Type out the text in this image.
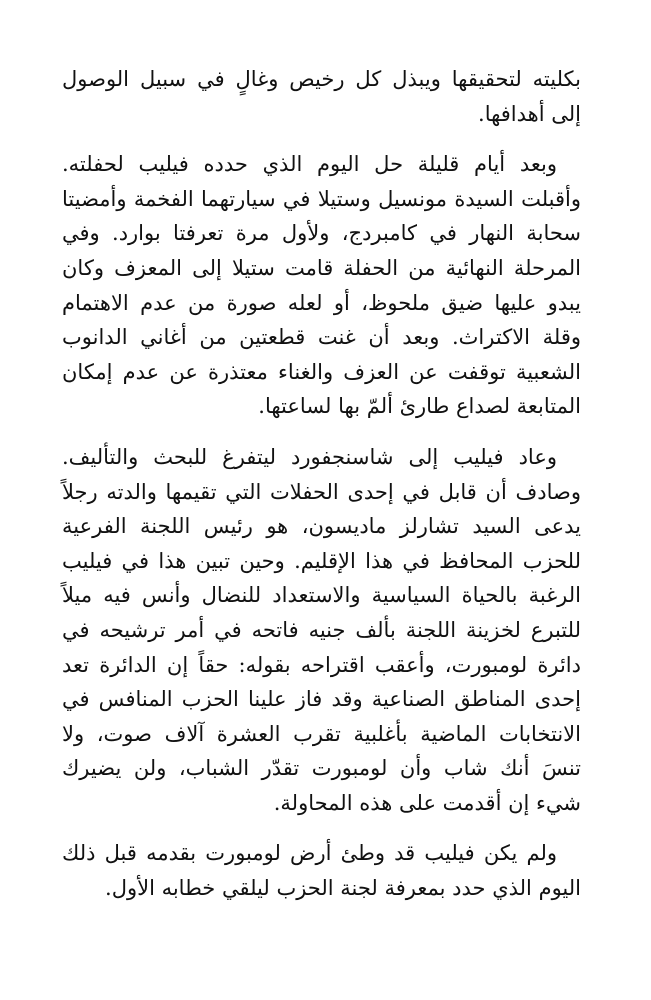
بكليته لتحقيقها ويبذل كل رخيص وغالٍ في سبيل الوصول إلى أهدافها.

وبعد أيام قليلة حل اليوم الذي حدده فيليب لحفلته. وأقبلت السيدة مونسيل وستيلا في سيارتهما الفخمة وأمضيتا سحابة النهار في كامبردج، ولأول مرة تعرفتا بوارد. وفي المرحلة النهائية من الحفلة قامت ستيلا إلى المعزف وكان يبدو عليها ضيق ملحوظ، أو لعله صورة من عدم الاهتمام وقلة الاكتراث. وبعد أن غنت قطعتين من أغاني الدانوب الشعبية توقفت عن العزف والغناء معتذرة عن عدم إمكان المتابعة لصداع طارئ ألمّ بها لساعتها.

وعاد فيليب إلى شاسنجفورد ليتفرغ للبحث والتأليف. وصادف أن قابل في إحدى الحفلات التي تقيمها والدته رجلاً يدعى السيد تشارلز ماديسون، هو رئيس اللجنة الفرعية للحزب المحافظ في هذا الإقليم. وحين تبين هذا في فيليب الرغبة بالحياة السياسية والاستعداد للنضال وأنس فيه ميلاً للتبرع لخزينة اللجنة بألف جنيه فاتحه في أمر ترشيحه في دائرة لومبورت، وأعقب اقتراحه بقوله: حقاً إن الدائرة تعد إحدى المناطق الصناعية وقد فاز علينا الحزب المنافس في الانتخابات الماضية بأغلبية تقرب العشرة آلاف صوت، ولا تنسَ أنك شاب وأن لومبورت تقدّر الشباب، ولن يضيرك شيء إن أقدمت على هذه المحاولة.

ولم يكن فيليب قد وطئ أرض لومبورت بقدمه قبل ذلك اليوم الذي حدد بمعرفة لجنة الحزب ليلقي خطابه الأول.
